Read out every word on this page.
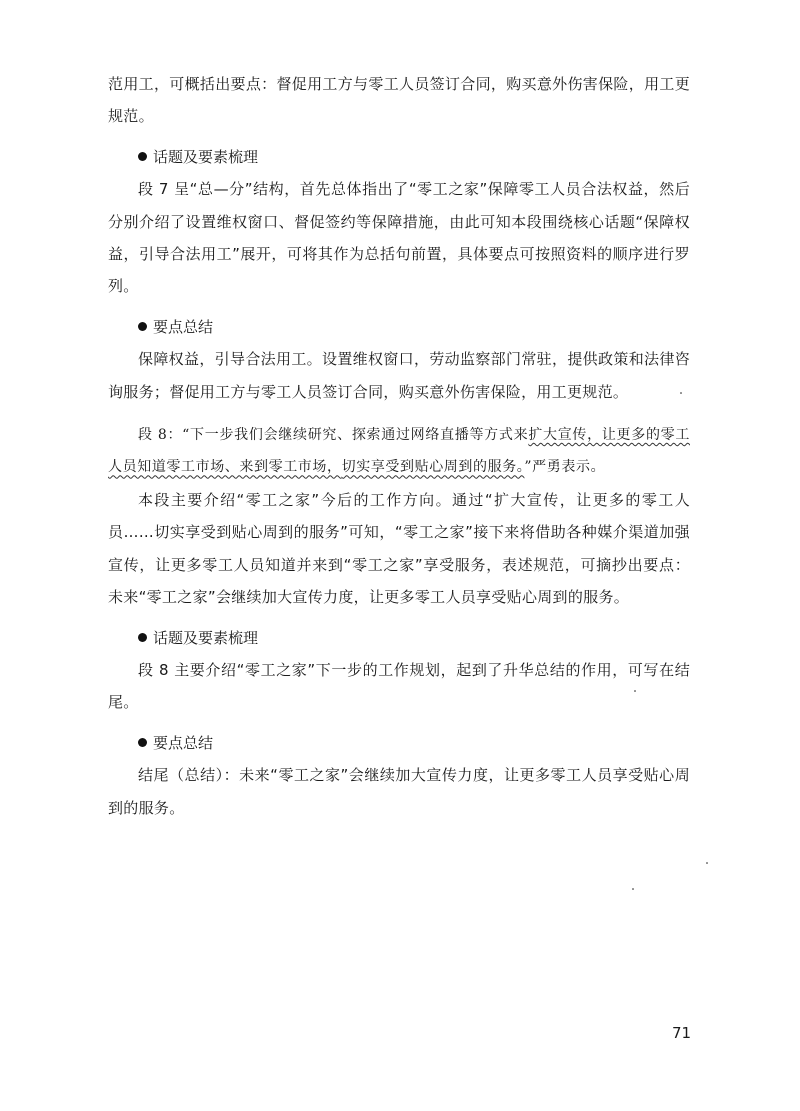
范用工，可概括出要点：督促用工方与零工人员签订合同，购买意外伤害保险，用工更规范。

话题及要素梳理

段 7 呈“总—分”结构，首先总体指出了“零工之家”保障零工人员合法权益，然后分别介绍了设置维权窗口、督促签约等保障措施，由此可知本段围绕核心话题“保障权益，引导合法用工”展开，可将其作为总括句前置，具体要点可按照资料的顺序进行罗列。

要点总结

保障权益，引导合法用工。设置维权窗口，劳动监察部门常驻，提供政策和法律咨询服务；督促用工方与零工人员签订合同，购买意外伤害保险，用工更规范。

段 8：“下一步我们会继续研究、探索通过网络直播等方式来扩大宣传，让更多的零工人员知道零工市场、来到零工市场，切实享受到贴心周到的服务。”严勇表示。

本段主要介绍“零工之家”今后的工作方向。通过“扩大宣传，让更多的零工人员……切实享受到贴心周到的服务”可知，“零工之家”接下来将借助各种媒介渠道加强宣传，让更多零工人员知道并来到“零工之家”享受服务，表述规范，可摘抄出要点：未来“零工之家”会继续加大宣传力度，让更多零工人员享受贴心周到的服务。

话题及要素梳理

段 8 主要介绍“零工之家”下一步的工作规划，起到了升华总结的作用，可写在结尾。

要点总结

结尾（总结）：未来“零工之家”会继续加大宣传力度，让更多零工人员享受贴心周到的服务。

71
